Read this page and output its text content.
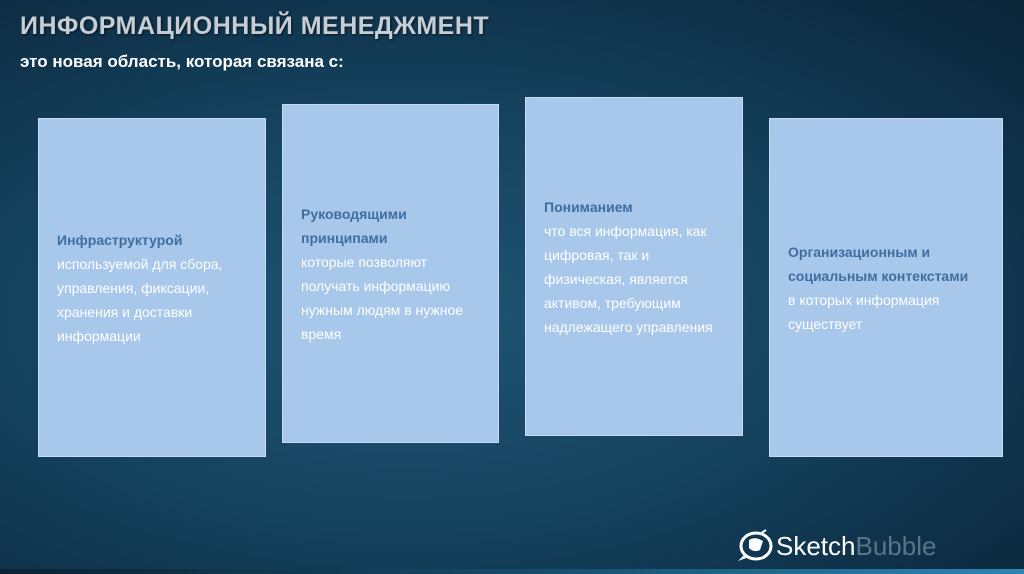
ИНФОРМАЦИОННЫЙ МЕНЕДЖМЕНТ
это новая область, которая связана с:
Инфраструктурой
используемой для сбора, управления, фиксации, хранения и доставки информации
Руководящими принципами
которые позволяют получать информацию нужным людям в нужное время
Пониманием
что вся информация, как цифровая, так и физическая, является активом, требующим надлежащего управления
Организационным и социальным контекстами
в которых информация существует
Sketch Bubble
